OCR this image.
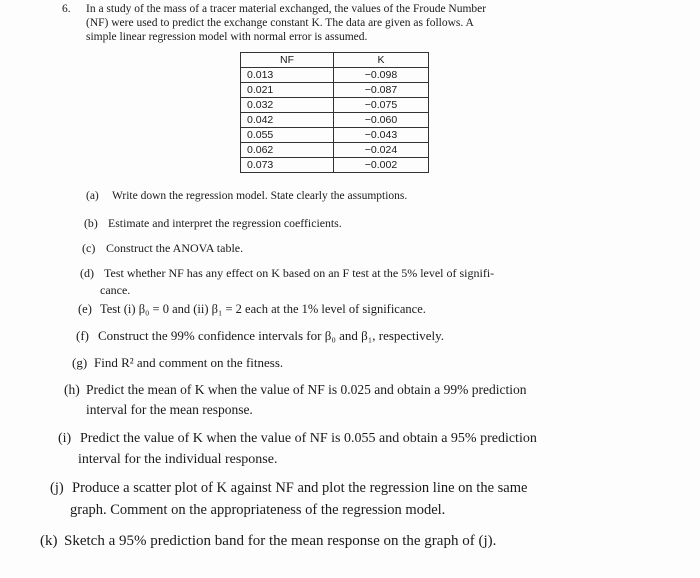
6. In a study of the mass of a tracer material exchanged, the values of the Froude Number
(NF) were used to predict the exchange constant K. The data are given as follows. A
simple linear regression model with normal error is assumed.
NF	K
0.013	−0.098
0.021	−0.087
0.032	−0.075
0.042	−0.060
0.055	−0.043
0.062	−0.024
0.073	−0.002
(a) Write down the regression model. State clearly the assumptions.
(b) Estimate and interpret the regression coefficients.
(c) Construct the ANOVA table.
(d) Test whether NF has any effect on K based on an F test at the 5% level of signifi-
cance.
(e) Test (i) β₀ = 0 and (ii) β₁ = 2 each at the 1% level of significance.
(f) Construct the 99% confidence intervals for β₀ and β₁, respectively.
(g) Find R² and comment on the fitness.
(h) Predict the mean of K when the value of NF is 0.025 and obtain a 99% prediction
interval for the mean response.
(i) Predict the value of K when the value of NF is 0.055 and obtain a 95% prediction
interval for the individual response.
(j) Produce a scatter plot of K against NF and plot the regression line on the same
graph. Comment on the appropriateness of the regression model.
(k) Sketch a 95% prediction band for the mean response on the graph of (j).
